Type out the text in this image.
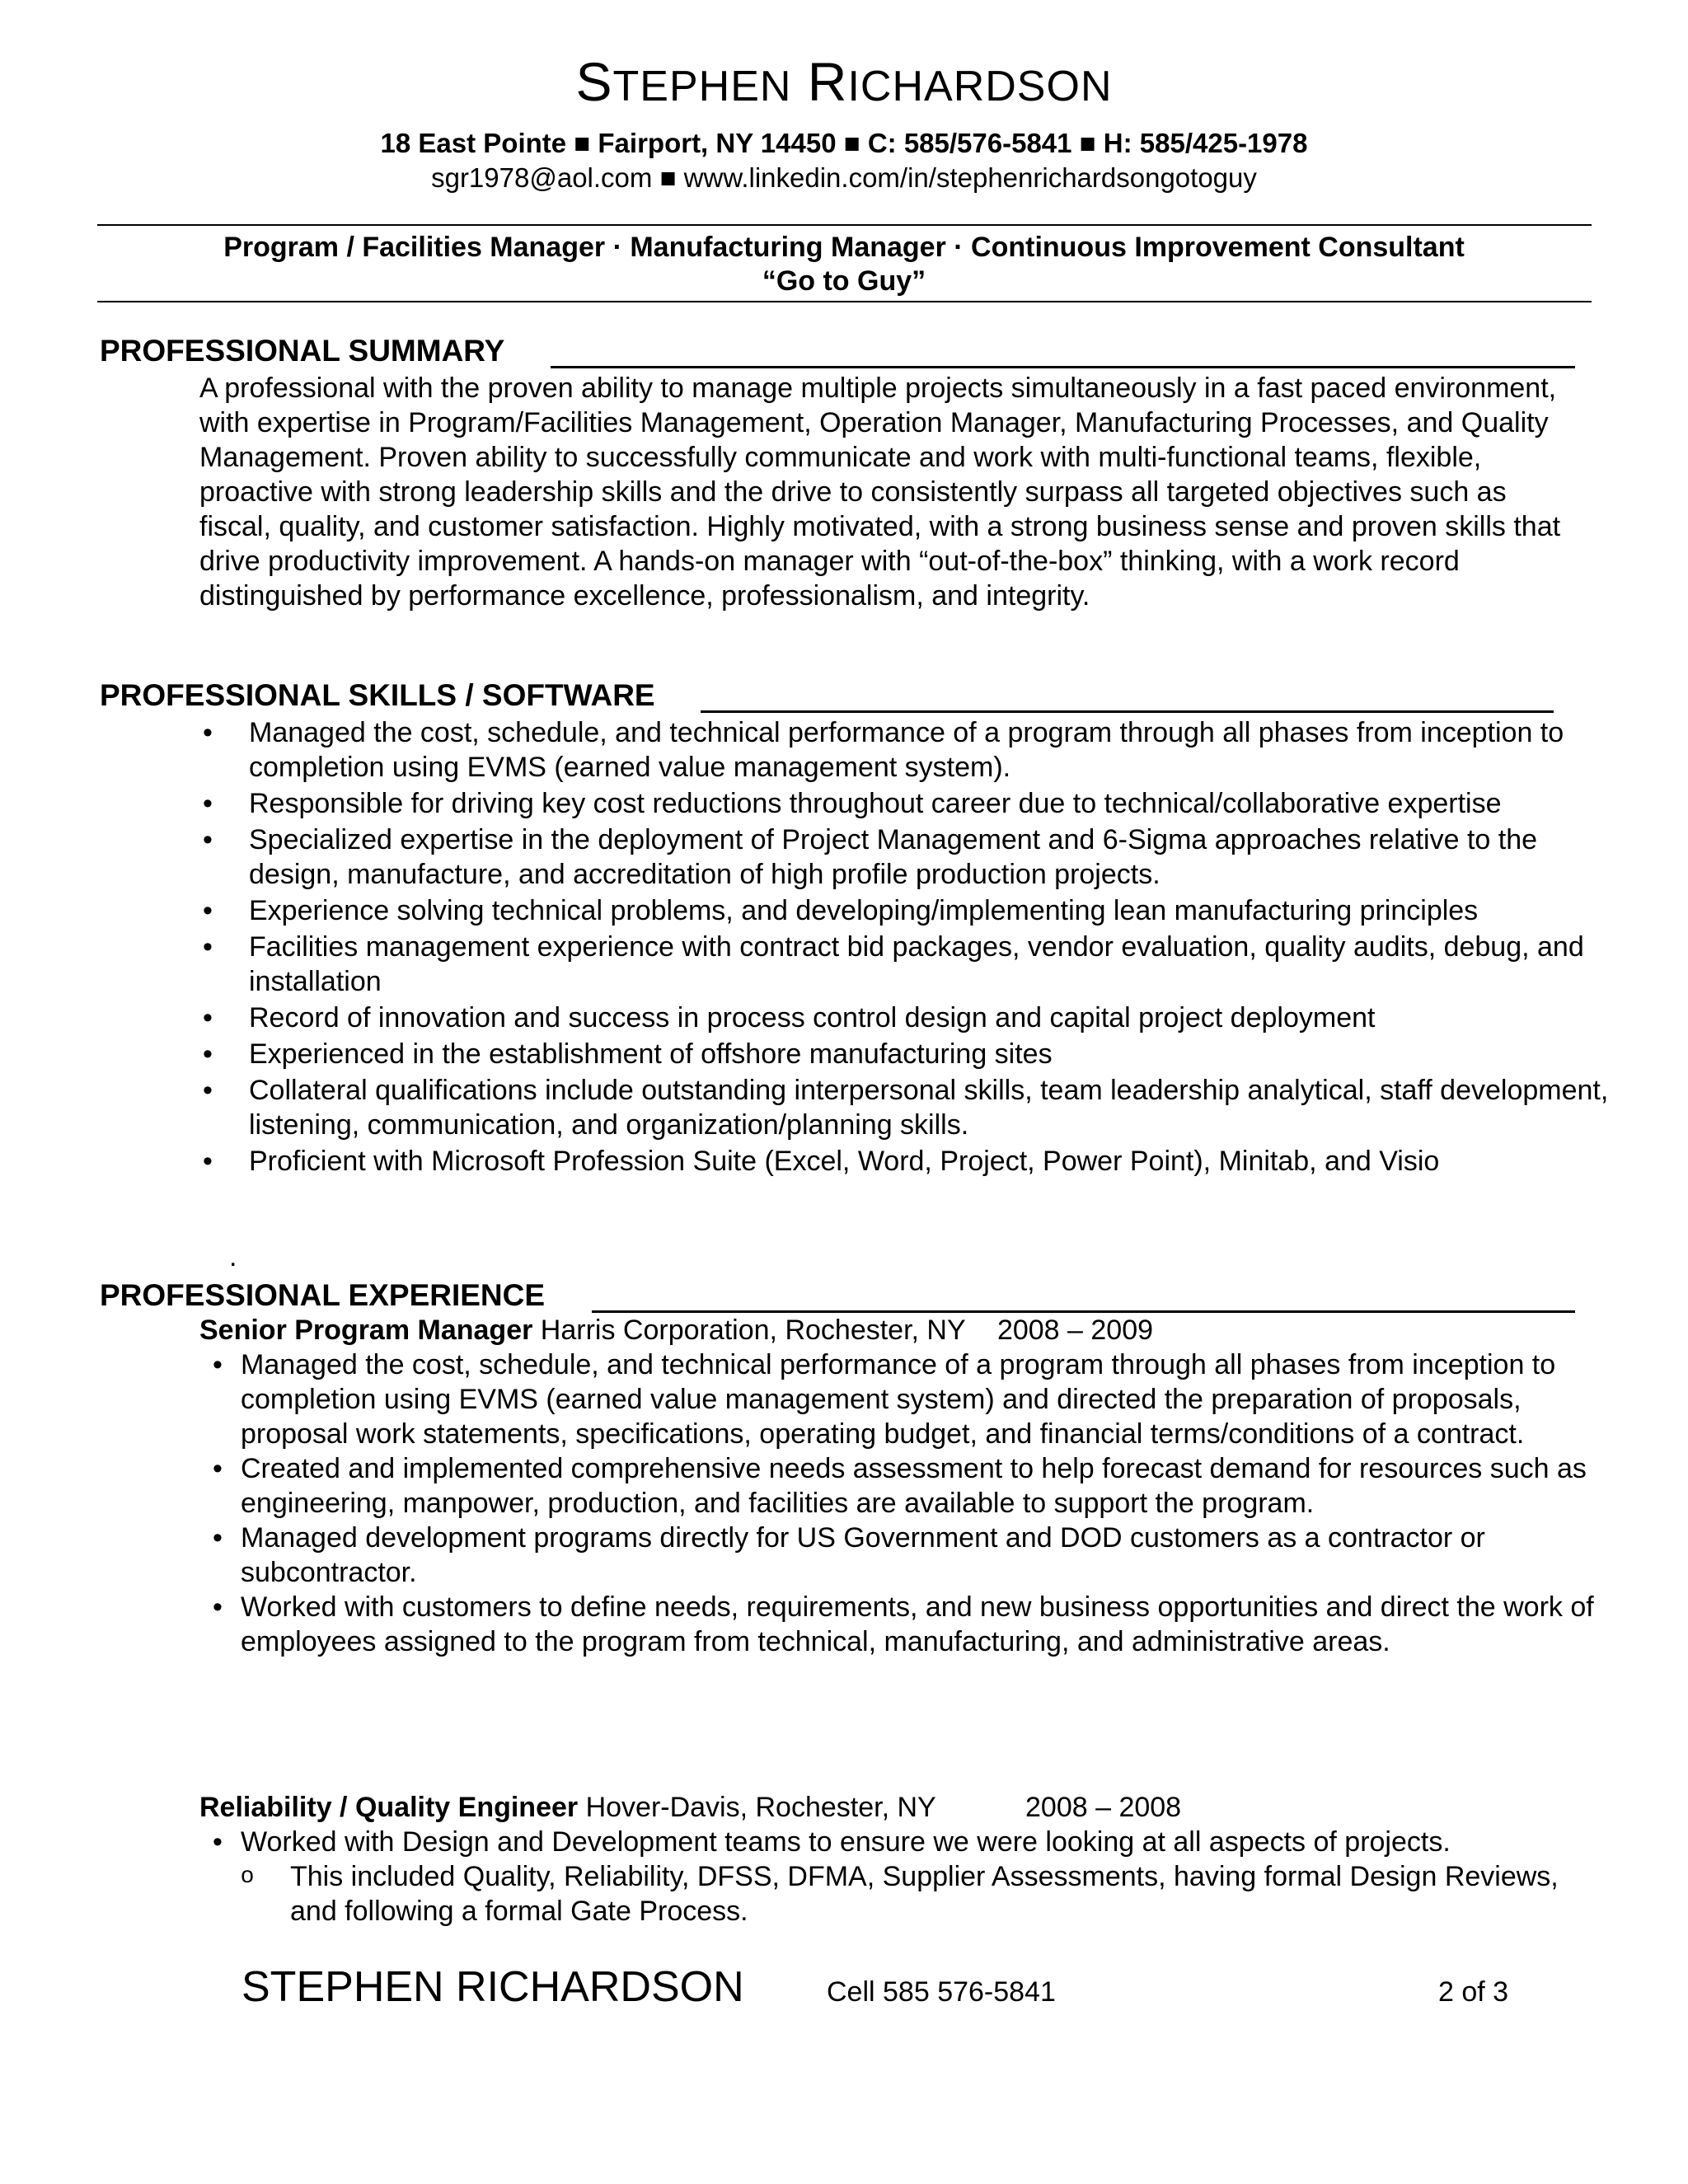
STEPHEN RICHARDSON
18 East Pointe ■ Fairport, NY 14450 ■ C: 585/576-5841 ■ H: 585/425-1978
sgr1978@aol.com ■ www.linkedin.com/in/stephenrichardsongotoguy
Program / Facilities Manager · Manufacturing Manager · Continuous Improvement Consultant
“Go to Guy”
PROFESSIONAL SUMMARY

A professional with the proven ability to manage multiple projects simultaneously in a fast paced environment, with expertise in Program/Facilities Management, Operation Manager, Manufacturing Processes, and Quality Management. Proven ability to successfully communicate and work with multi-functional teams, flexible, proactive with strong leadership skills and the drive to consistently surpass all targeted objectives such as fiscal, quality, and customer satisfaction. Highly motivated, with a strong business sense and proven skills that drive productivity improvement. A hands-on manager with “out-of-the-box” thinking, with a work record distinguished by performance excellence, professionalism, and integrity.

PROFESSIONAL SKILLS / SOFTWARE
• Managed the cost, schedule, and technical performance of a program through all phases from inception to completion using EVMS (earned value management system).
• Responsible for driving key cost reductions throughout career due to technical/collaborative expertise
• Specialized expertise in the deployment of Project Management and 6-Sigma approaches relative to the design, manufacture, and accreditation of high profile production projects.
• Experience solving technical problems, and developing/implementing lean manufacturing principles
• Facilities management experience with contract bid packages, vendor evaluation, quality audits, debug, and installation
• Record of innovation and success in process control design and capital project deployment
• Experienced in the establishment of offshore manufacturing sites
• Collateral qualifications include outstanding interpersonal skills, team leadership analytical, staff development, listening, communication, and organization/planning skills.
• Proficient with Microsoft Profession Suite (Excel, Word, Project, Power Point), Minitab, and Visio
.
PROFESSIONAL EXPERIENCE
Senior Program Manager Harris Corporation, Rochester, NY 2008 – 2009
• Managed the cost, schedule, and technical performance of a program through all phases from inception to completion using EVMS (earned value management system) and directed the preparation of proposals, proposal work statements, specifications, operating budget, and financial terms/conditions of a contract.
• Created and implemented comprehensive needs assessment to help forecast demand for resources such as engineering, manpower, production, and facilities are available to support the program.
• Managed development programs directly for US Government and DOD customers as a contractor or subcontractor.
• Worked with customers to define needs, requirements, and new business opportunities and direct the work of employees assigned to the program from technical, manufacturing, and administrative areas.
Reliability / Quality Engineer Hover-Davis, Rochester, NY	2008 – 2008
• Worked with Design and Development teams to ensure we were looking at all aspects of projects.
o This included Quality, Reliability, DFSS, DFMA, Supplier Assessments, having formal Design Reviews, and following a formal Gate Process.
STEPHEN RICHARDSON	Cell 585 576-5841	2 of 3
